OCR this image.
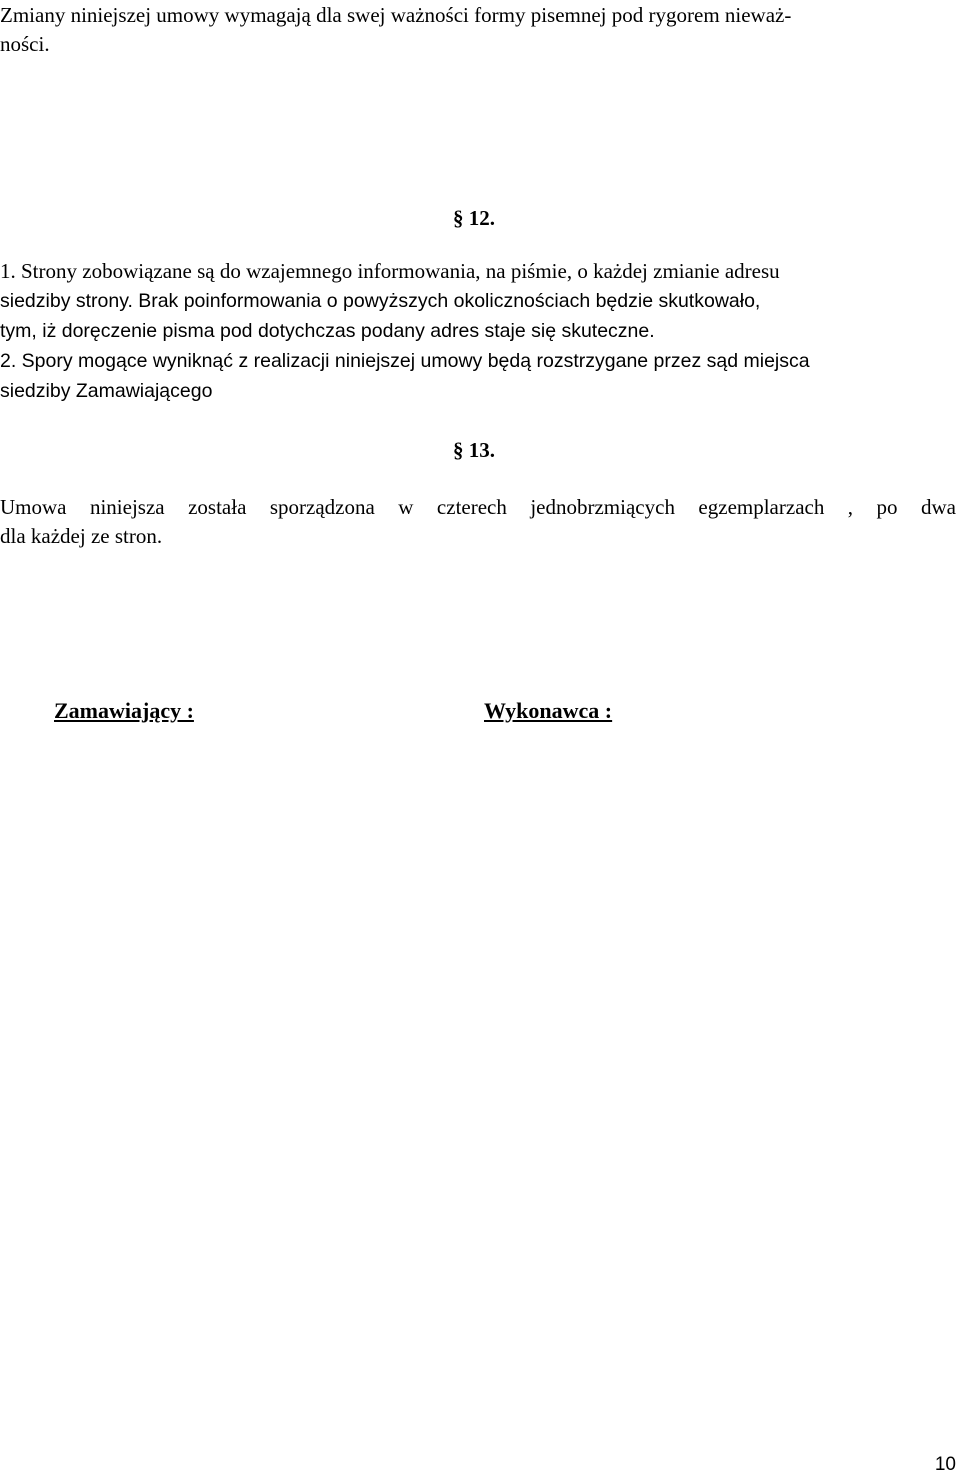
Zmiany niniejszej umowy wymagają dla swej ważności formy pisemnej pod rygorem nieważ-
ności.
§ 12.
1. Strony zobowiązane są do wzajemnego informowania, na piśmie, o każdej zmianie adresu
siedziby strony. Brak poinformowania o powyższych okolicznościach będzie skutkowało,
tym, iż doręczenie pisma pod dotychczas podany adres staje się skuteczne.
2. Spory mogące wyniknąć z realizacji niniejszej umowy będą rozstrzygane przez sąd miejsca
siedziby Zamawiającego
§ 13.
Umowa niniejsza została sporządzona w czterech jednobrzmiących egzemplarzach , po dwa
dla każdej ze stron.
Zamawiający :	Wykonawca :
10
